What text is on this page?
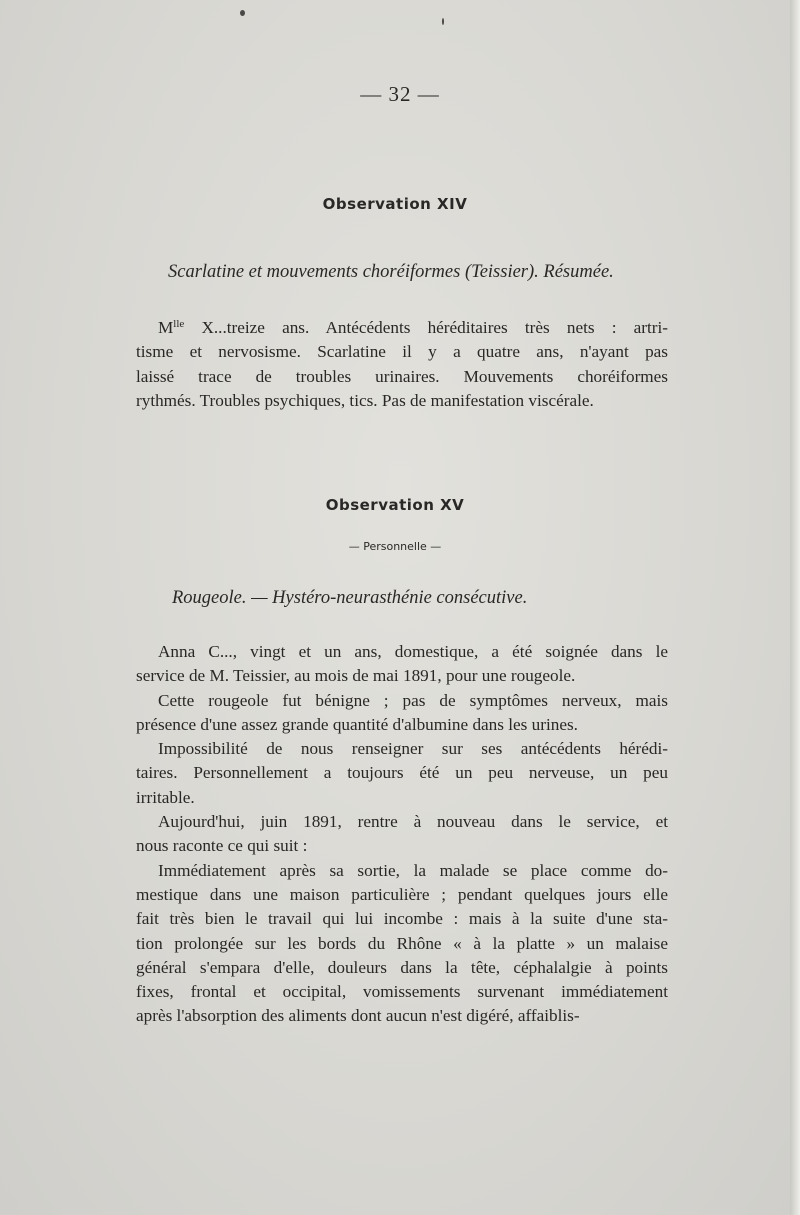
— 32 —
Observation XIV
Scarlatine et mouvements choréiformes (Teissier). Résumée.
$M^{lle}$ X...treize ans. Antécédents héréditaires très nets : artri-
tisme et nervosisme. Scarlatine il y a quatre ans, n'ayant pas
laissé trace de troubles urinaires. Mouvements choréiformes
rythmés. Troubles psychiques, tics. Pas de manifestation viscérale.
Observation XV
— Personnelle —
Rougeole. — Hystéro-neurasthénie consécutive.
Anna C..., vingt et un ans, domestique, a été soignée dans le
service de M. Teissier, au mois de mai 1891, pour une rougeole.
Cette rougeole fut bénigne ; pas de symptômes nerveux, mais
présence d'une assez grande quantité d'albumine dans les urines.
Impossibilité de nous renseigner sur ses antécédents hérédi-
taires. Personnellement a toujours été un peu nerveuse, un peu
irritable.
Aujourd'hui, juin 1891, rentre à nouveau dans le service, et
nous raconte ce qui suit :
Immédiatement après sa sortie, la malade se place comme do-
mestique dans une maison particulière ; pendant quelques jours elle
fait très bien le travail qui lui incombe : mais à la suite d'une sta-
tion prolongée sur les bords du Rhône « à la platte » un malaise
général s'empara d'elle, douleurs dans la tête, céphalalgie à points
fixes, frontal et occipital, vomissements survenant immédiatement
après l'absorption des aliments dont aucun n'est digéré, affaiblis-
